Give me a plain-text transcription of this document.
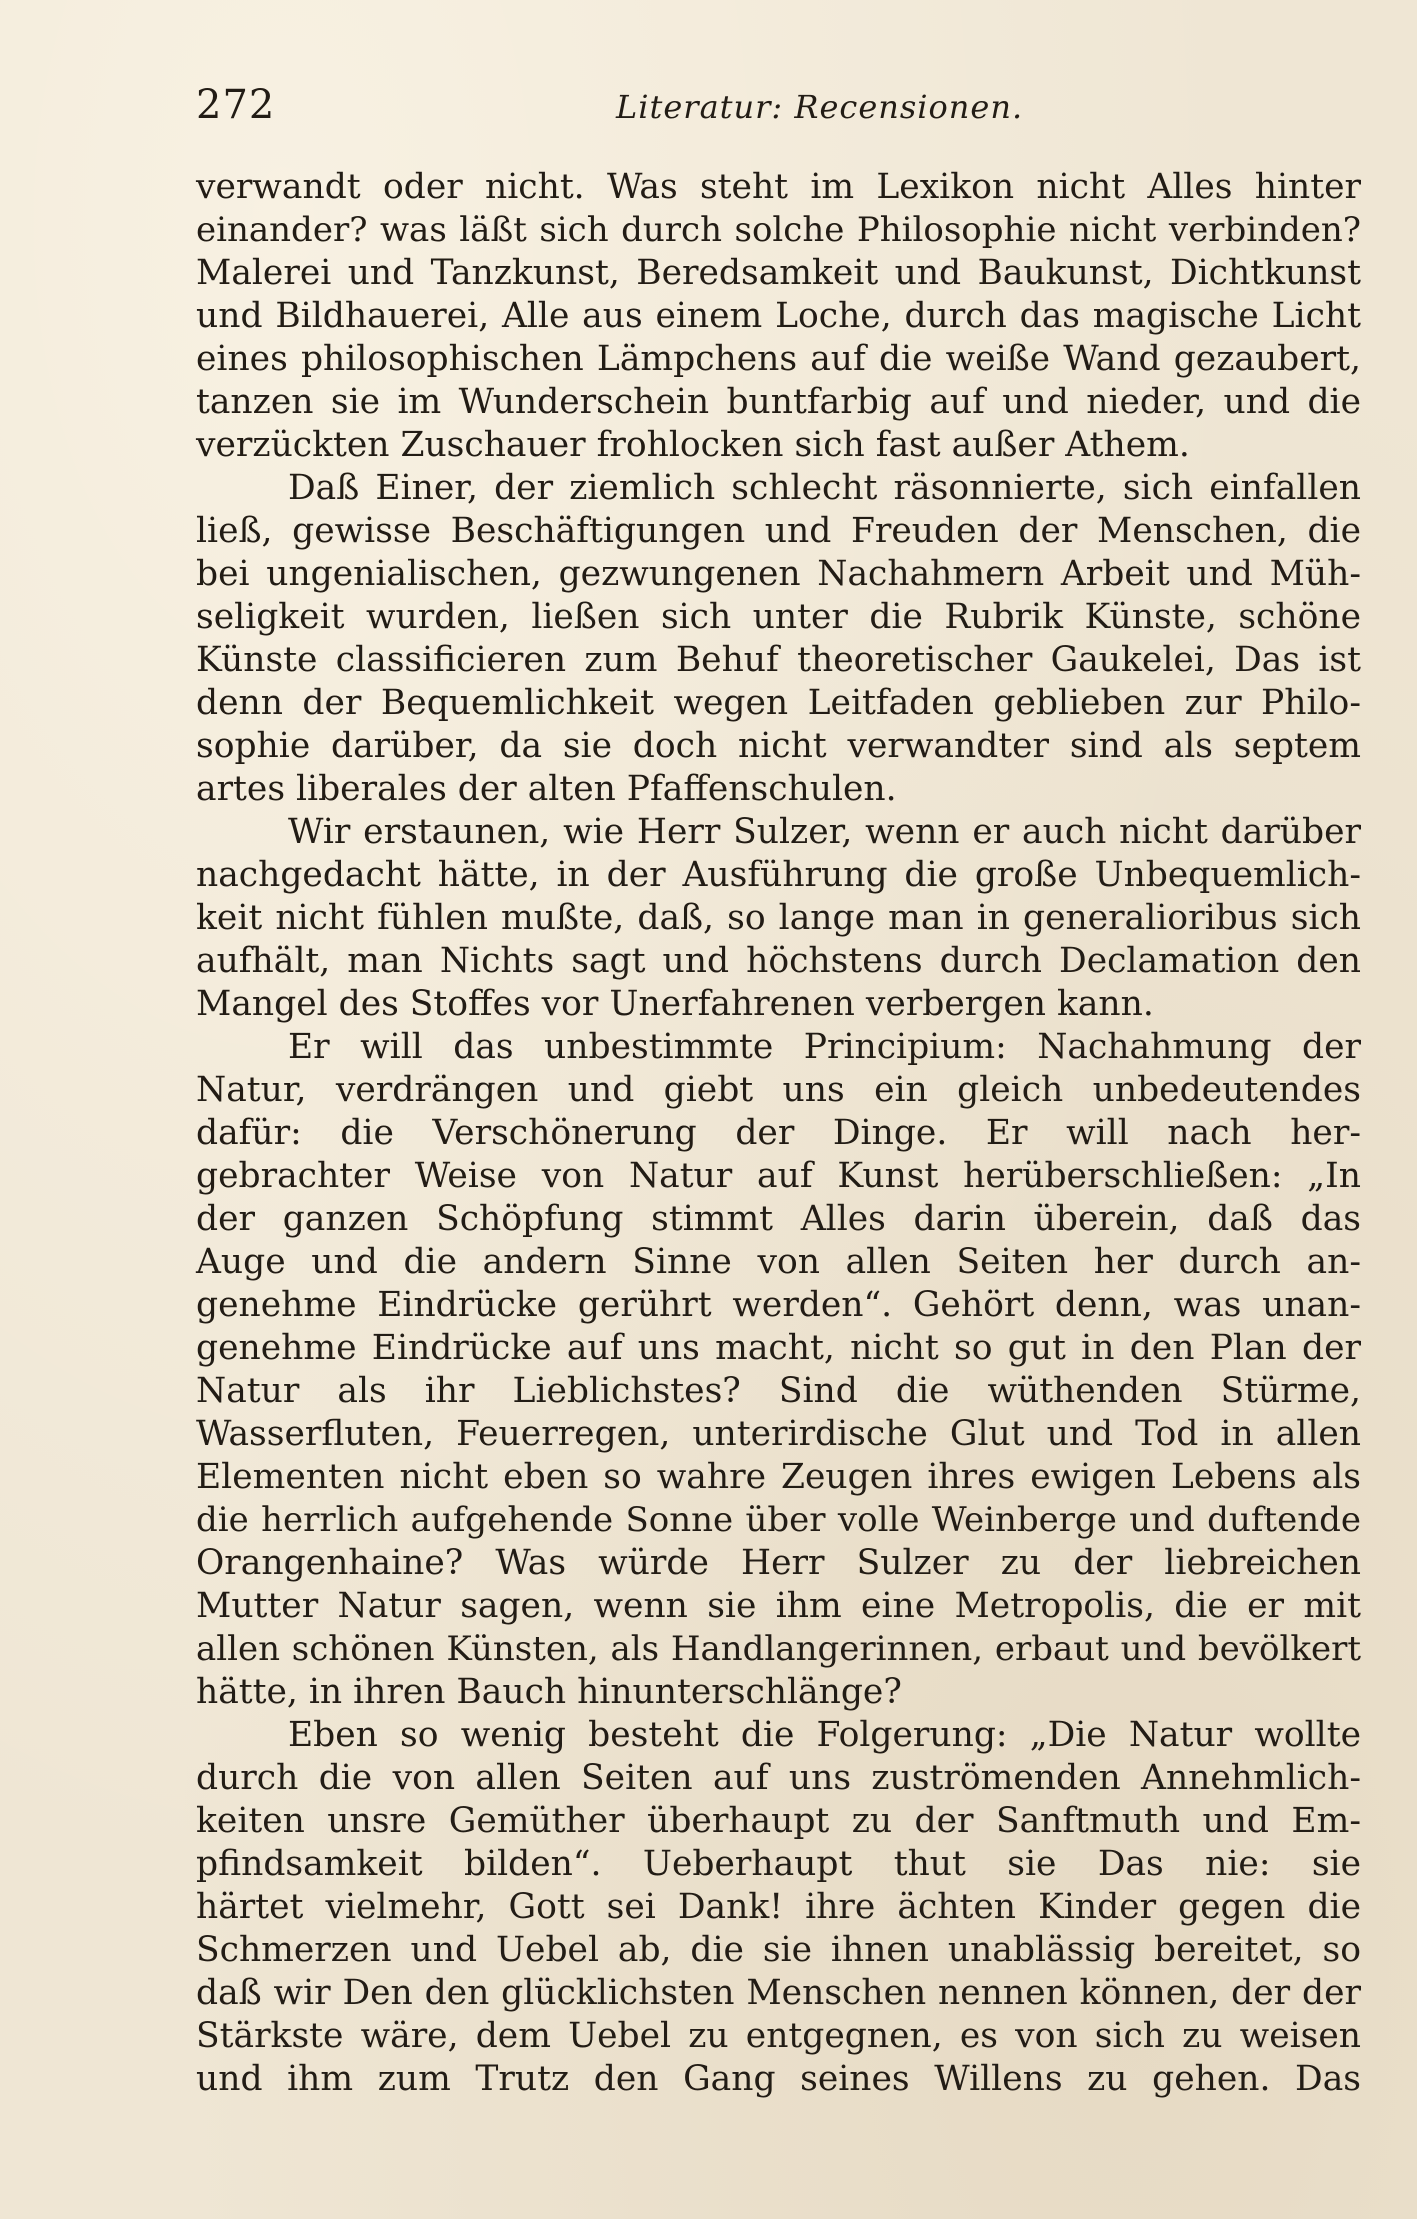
272	Literatur: Recensionen.
verwandt oder nicht. Was steht im Lexikon nicht Alles hinter
einander? was läßt sich durch solche Philosophie nicht verbinden?
Malerei und Tanzkunst, Beredsamkeit und Baukunst, Dichtkunst
und Bildhauerei, Alle aus einem Loche, durch das magische Licht
eines philosophischen Lämpchens auf die weiße Wand gezaubert,
tanzen sie im Wunderschein buntfarbig auf und nieder, und die
verzückten Zuschauer frohlocken sich fast außer Athem.
Daß Einer, der ziemlich schlecht räsonnierte, sich einfallen
ließ, gewisse Beschäftigungen und Freuden der Menschen, die
bei ungenialischen, gezwungenen Nachahmern Arbeit und Müh-
seligkeit wurden, ließen sich unter die Rubrik Künste, schöne
Künste classificieren zum Behuf theoretischer Gaukelei, Das ist
denn der Bequemlichkeit wegen Leitfaden geblieben zur Philo-
sophie darüber, da sie doch nicht verwandter sind als septem
artes liberales der alten Pfaffenschulen.
Wir erstaunen, wie Herr Sulzer, wenn er auch nicht darüber
nachgedacht hätte, in der Ausführung die große Unbequemlich-
keit nicht fühlen mußte, daß, so lange man in generalioribus sich
aufhält, man Nichts sagt und höchstens durch Declamation den
Mangel des Stoffes vor Unerfahrenen verbergen kann.
Er will das unbestimmte Principium: Nachahmung der
Natur, verdrängen und giebt uns ein gleich unbedeutendes
dafür: die Verschönerung der Dinge. Er will nach her-
gebrachter Weise von Natur auf Kunst herüberschließen: „In
der ganzen Schöpfung stimmt Alles darin überein, daß das
Auge und die andern Sinne von allen Seiten her durch an-
genehme Eindrücke gerührt werden“. Gehört denn, was unan-
genehme Eindrücke auf uns macht, nicht so gut in den Plan der
Natur als ihr Lieblichstes? Sind die wüthenden Stürme,
Wasserfluten, Feuerregen, unterirdische Glut und Tod in allen
Elementen nicht eben so wahre Zeugen ihres ewigen Lebens als
die herrlich aufgehende Sonne über volle Weinberge und duftende
Orangenhaine? Was würde Herr Sulzer zu der liebreichen
Mutter Natur sagen, wenn sie ihm eine Metropolis, die er mit
allen schönen Künsten, als Handlangerinnen, erbaut und bevölkert
hätte, in ihren Bauch hinunterschlänge?
Eben so wenig besteht die Folgerung: „Die Natur wollte
durch die von allen Seiten auf uns zuströmenden Annehmlich-
keiten unsre Gemüther überhaupt zu der Sanftmuth und Em-
pfindsamkeit bilden“. Ueberhaupt thut sie Das nie: sie
härtet vielmehr, Gott sei Dank! ihre ächten Kinder gegen die
Schmerzen und Uebel ab, die sie ihnen unablässig bereitet, so
daß wir Den den glücklichsten Menschen nennen können, der der
Stärkste wäre, dem Uebel zu entgegnen, es von sich zu weisen
und ihm zum Trutz den Gang seines Willens zu gehen. Das
